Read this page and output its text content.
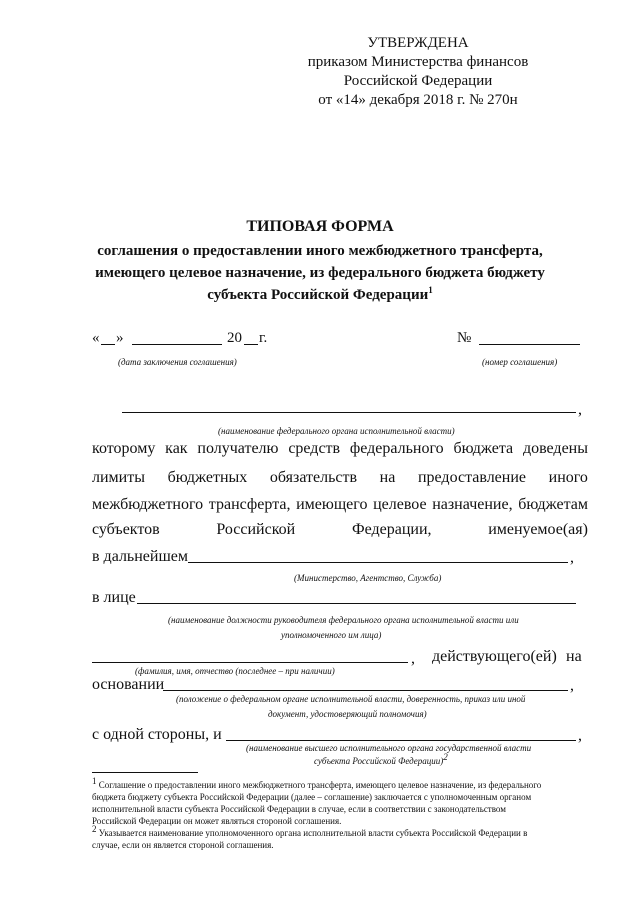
УТВЕРЖДЕНА
приказом Министерства финансов
Российской Федерации
от «14» декабря 2018 г. № 270н
ТИПОВАЯ ФОРМА
соглашения о предоставлении иного межбюджетного трансферта,
имеющего целевое назначение, из федерального бюджета бюджету
субъекта Российской Федерации$^1$
« »	20 г.	№
(дата заключения соглашения)	(номер соглашения)
,
(наименование федерального органа исполнительной власти)
которому как получателю средств федерального бюджета доведены
лимиты бюджетных обязательств на предоставление иного
межбюджетного трансферта, имеющего целевое назначение, бюджетам
субъектов	Российской	Федерации,	именуемое(ая)
в дальнейшем	,
(Министерство, Агентство, Служба)
в лице
(наименование должности руководителя федерального органа исполнительной власти или
уполномоченного им лица)
, действующего(ей) на
(фамилия, имя, отчество (последнее – при наличии)
основании	,
(положение о федеральном органе исполнительной власти, доверенность, приказ или иной
документ, удостоверяющий полномочия)
с одной стороны, и	,
(наименование высшего исполнительного органа государственной власти
субъекта Российской Федерации)$^2$
$^1$ Соглашение о предоставлении иного межбюджетного трансферта, имеющего целевое назначение, из федерального
бюджета бюджету субъекта Российской Федерации (далее – соглашение) заключается с уполномоченным органом
исполнительной власти субъекта Российской Федерации в случае, если в соответствии с законодательством
Российской Федерации он может являться стороной соглашения.
$^2$ Указывается наименование уполномоченного органа исполнительной власти субъекта Российской Федерации в
случае, если он является стороной соглашения.
